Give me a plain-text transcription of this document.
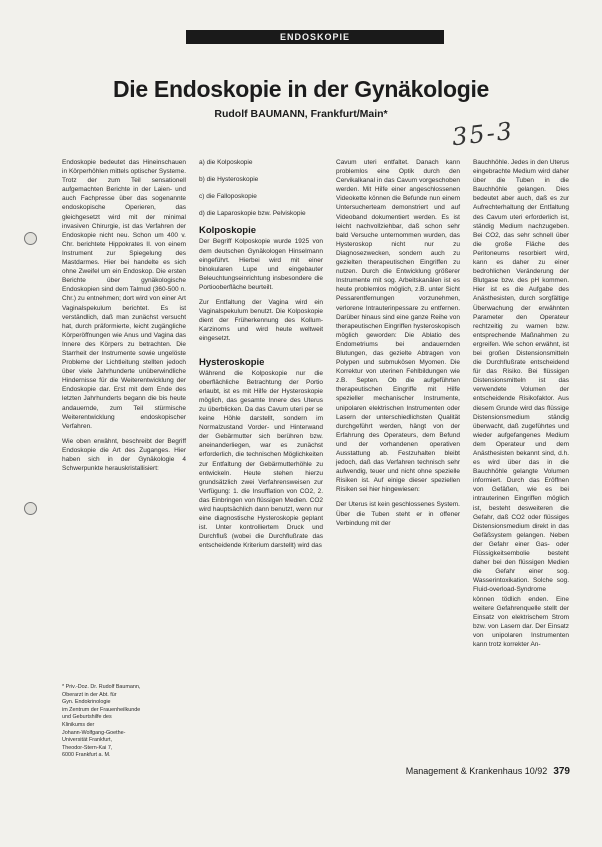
ENDOSKOPIE
Die Endoskopie in der Gynäkologie
Rudolf BAUMANN, Frankfurt/Main*
35-3

Endoskopie bedeutet das Hineinschauen in Körperhöhlen mittels optischer Systeme. Trotz der zum Teil sensationell aufgemachten Berichte in der Laien- und auch Fachpresse über das sogenannte endoskopische Operieren, das gleichgesetzt wird mit der minimal invasiven Chirurgie, ist das Verfahren der Endoskopie nicht neu. Schon um 400 v. Chr. berichtete Hippokrates II. von einem Instrument zur Spiegelung des Mastdarmes. Hier bei handelte es sich ohne Zweifel um ein Endoskop. Die ersten Berichte über gynäkologische Endoskopien sind dem Talmud (360-500 n. Chr.) zu entnehmen; dort wird von einer Art Vaginalspekulum berichtet. Es ist verständlich, daß man zunächst versucht hat, durch präformierte, leicht zugängliche Körperöffnungen wie Anus und Vagina das Innere des Körpers zu betrachten. Die Starrheit der Instrumente sowie ungelöste Probleme der Lichtleitung stellten jedoch über viele Jahrhunderte unüberwindliche Hindernisse für die Weiterentwicklung der Endoskopie dar. Erst mit dem Ende des letzten Jahrhunderts begann die bis heute andauernde, zum Teil stürmische Weiterentwicklung endoskopischer Verfahren.

Wie oben erwähnt, beschreibt der Begriff Endoskopie die Art des Zuganges. Hier haben sich in der Gynäkologie 4 Schwerpunkte herauskristallisiert:

a) die Kolposkopie
b) die Hysteroskopie
c) die Falloposkopie
d) die Laparoskopie bzw. Pelviskopie
Kolposkopie

Der Begriff Kolposkopie wurde 1925 von dem deutschen Gynäkologen Hinselmann eingeführt. Hierbei wird mit einer binokularen Lupe und eingebauter Beleuchtungseinrichtung insbesondere die Portiooberfläche beurteilt.

Zur Entfaltung der Vagina wird ein Vaginalspekulum benutzt. Die Kolposkopie dient der Früherkennung des Kollum-Karzinoms und wird heute weltweit eingesetzt.

Hysteroskopie

Während die Kolposkopie nur die oberflächliche Betrachtung der Portio erlaubt, ist es mit Hilfe der Hysteroskopie möglich, das gesamte Innere des Uterus zu überblicken. Da das Cavum uteri per se keine Höhle darstellt, sondern im Normalzustand Vorder- und Hinterwand der Gebärmutter sich berühren bzw. aneinanderliegen, war es zunächst erforderlich, die technischen Möglichkeiten zur Entfaltung der Gebärmutterhöhle zu entwickeln. Heute stehen hierzu grundsätzlich zwei Verfahrensweisen zur Verfügung: 1. die Insufflation von CO2, 2. das Einbringen von flüssigen Medien. CO2 wird hauptsächlich dann benutzt, wenn nur eine diagnostische Hysteroskopie geplant ist. Unter kontrolliertem Druck und Durchfluß (wobei die Durchflußrate das entscheidende Kriterium darstellt) wird das

Cavum uteri entfaltet. Danach kann problemlos eine Optik durch den Cervikalkanal in das Cavum vorgeschoben werden. Mit Hilfe einer angeschlossenen Videokette können die Befunde nun einem Untersucherteam demonstriert und auf Videoband dokumentiert werden. Es ist leicht nachvollziehbar, daß schon sehr bald Versuche unternommen wurden, das Hysteroskop nicht nur zu Diagnosezwecken, sondern auch zu gezielten therapeutischen Eingriffen zu nutzen. Durch die Entwicklung größerer Instrumente mit sog. Arbeitskanälen ist es heute problemlos möglich, z.B. unter Sicht Pessarentfernungen vorzunehmen, verlorene Intrauterinpessare zu entfernen. Darüber hinaus sind eine ganze Reihe von therapeutischen Eingriffen hysteroskopisch möglich geworden: Die Ablatio des Endometriums bei andauernden Blutungen, das gezielte Abtragen von Polypen und submukösen Myomen. Die Korrektur von uterinen Fehlbildungen wie z.B. Septen. Ob die aufgeführten therapeutischen Eingriffe mit Hilfe spezieller mechanischer Instrumente, unipolaren elektrischen Instrumenten oder Lasern der unterschiedlichsten Qualität durchgeführt werden, hängt von der Erfahrung des Operateurs, dem Befund und der vorhandenen operativen Ausstattung ab. Festzuhalten bleibt jedoch, daß das Verfahren technisch sehr aufwendig, teuer und nicht ohne spezielle Risiken ist. Auf einige dieser speziellen Risiken sei hier hingewiesen:

Der Uterus ist kein geschlossenes System. Über die Tuben steht er in offener Verbindung mit der

Bauchhöhle. Jedes in den Uterus eingebrachte Medium wird daher über die Tuben in die Bauchhöhle gelangen. Dies bedeutet aber auch, daß es zur Aufrechterhaltung der Entfaltung des Cavum uteri erforderlich ist, ständig Medium nachzugeben. Bei CO2, das sehr schnell über die große Fläche des Peritoneums resorbiert wird, kann es daher zu einer bedrohlichen Veränderung der Blutgase bzw. des pH kommen. Hier ist es die Aufgabe des Anästhesisten, durch sorgfältige Überwachung der erwähnten Parameter den Operateur rechtzeitig zu warnen bzw. entsprechende Maßnahmen zu ergreifen. Wie schon erwähnt, ist bei großen Distensionsmitteln die Durchflußrate entscheidend für das Risiko. Bei flüssigen Distensionsmitteln ist das verwendete Volumen der entscheidende Risikofaktor. Aus diesem Grunde wird das flüssige Distensionsmedium ständig überwacht, daß zugeführtes und wieder aufgefangenes Medium dem Operateur und dem Anästhesisten bekannt sind, d.h. es wird über das in die Bauchhöhle gelangte Volumen informiert. Durch das Eröffnen von Gefäßen, wie es bei intrauterinen Eingriffen möglich ist, besteht desweiteren die Gefahr, daß CO2 oder flüssiges Distensionsmedium direkt in das Gefäßsystem gelangen. Neben der Gefahr einer Gas- oder Flüssigkeitsembolie besteht daher bei den flüssigen Medien die Gefahr einer sog. Wasserintoxikation. Solche sog. Fluid-overload-Syndrome können tödlich enden. Eine weitere Gefahrenquelle stellt der Einsatz von elektrischem Strom bzw. von Lasern dar. Der Einsatz von unipolaren Instrumenten kann trotz korrekter An-

* Priv.-Doz. Dr. Rudolf Baumann,
Oberarzt in der Abt. für
Gyn. Endokrinologie
im Zentrum der Frauenheilkunde
und Geburtshilfe des
Klinikums der
Johann-Wolfgang-Goethe-
Universität Frankfurt,
Theodor-Stern-Kai 7,
6000 Frankfurt a. M.
Management & Krankenhaus 10/92 379
